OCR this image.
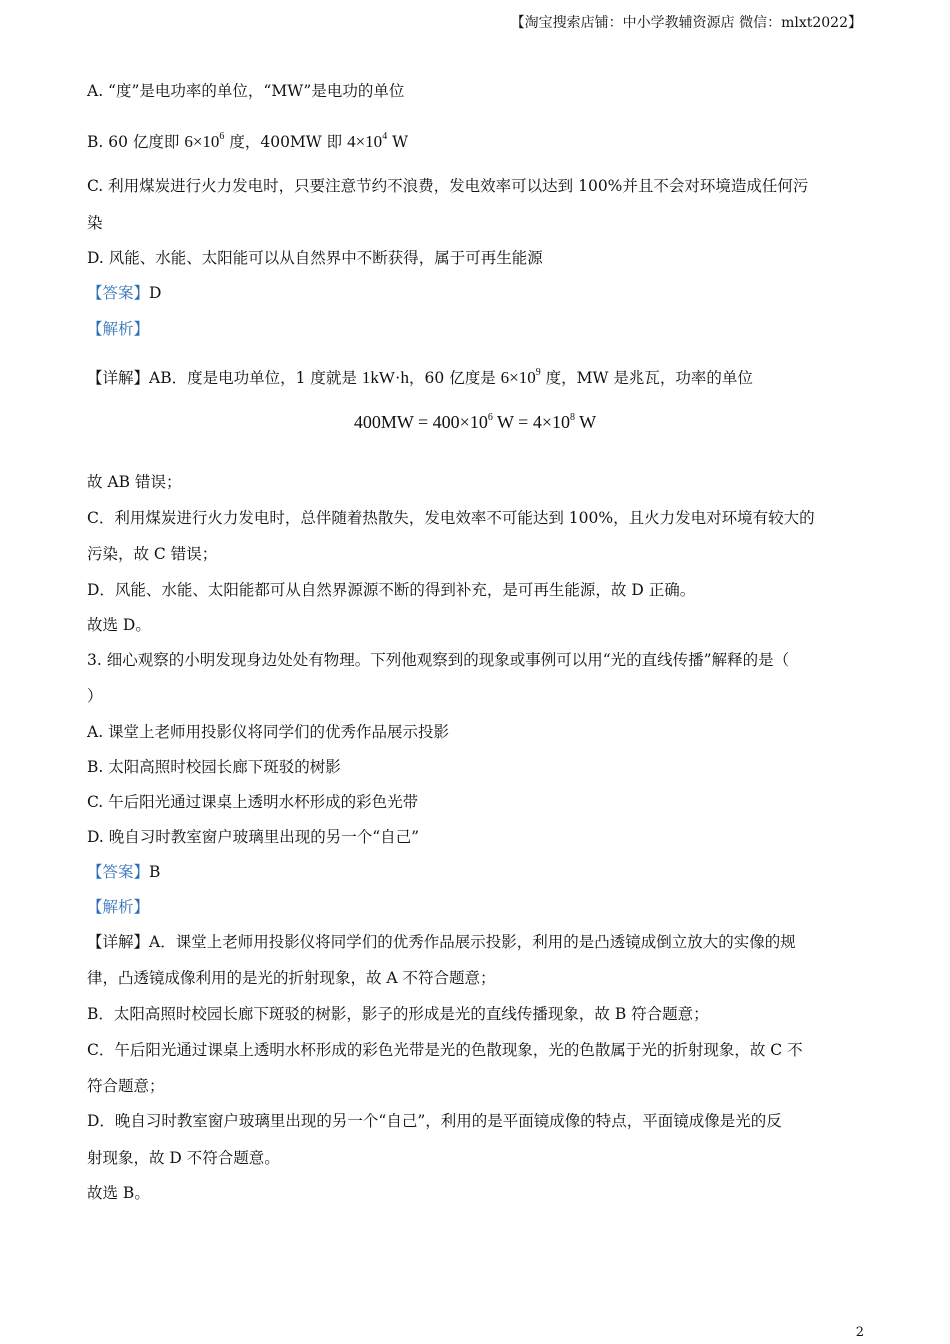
【淘宝搜索店铺：中小学教辅资源店 微信：mlxt2022】
A. “度”是电功率的单位，“MW”是电功的单位
B. 60 亿度即 $6\times 10^6$ 度，400MW 即 $4\times 10^4$ W
C. 利用煤炭进行火力发电时，只要注意节约不浪费，发电效率可以达到 100%并且不会对环境造成任何污
染
D. 风能、水能、太阳能可以从自然界中不断获得，属于可再生能源
【答案】D
【解析】
【详解】AB．度是电功单位，1 度就是 1kW·h，60 亿度是 $6\times 10^9$ 度，MW 是兆瓦，功率的单位
$400MW = 400\times 10^6$ $W = 4\times 10^8$ W
故 AB 错误；
C．利用煤炭进行火力发电时，总伴随着热散失，发电效率不可能达到 100%，且火力发电对环境有较大的
污染，故 C 错误；
D．风能、水能、太阳能都可从自然界源源不断的得到补充，是可再生能源，故 D 正确。
故选 D。
3. 细心观察的小明发现身边处处有物理。下列他观察到的现象或事例可以用“光的直线传播”解释的是（
）
A. 课堂上老师用投影仪将同学们的优秀作品展示投影
B. 太阳高照时校园长廊下斑驳的树影
C. 午后阳光通过课桌上透明水杯形成的彩色光带
D. 晚自习时教室窗户玻璃里出现的另一个“自己”
【答案】B
【解析】
【详解】A．课堂上老师用投影仪将同学们的优秀作品展示投影，利用的是凸透镜成倒立放大的实像的规
律，凸透镜成像利用的是光的折射现象，故 A 不符合题意；
B．太阳高照时校园长廊下斑驳的树影，影子的形成是光的直线传播现象，故 B 符合题意；
C．午后阳光通过课桌上透明水杯形成的彩色光带是光的色散现象，光的色散属于光的折射现象，故 C 不
符合题意；
D．晚自习时教室窗户玻璃里出现的另一个“自己”，利用的是平面镜成像的特点，平面镜成像是光的反
射现象，故 D 不符合题意。
故选 B。
2
